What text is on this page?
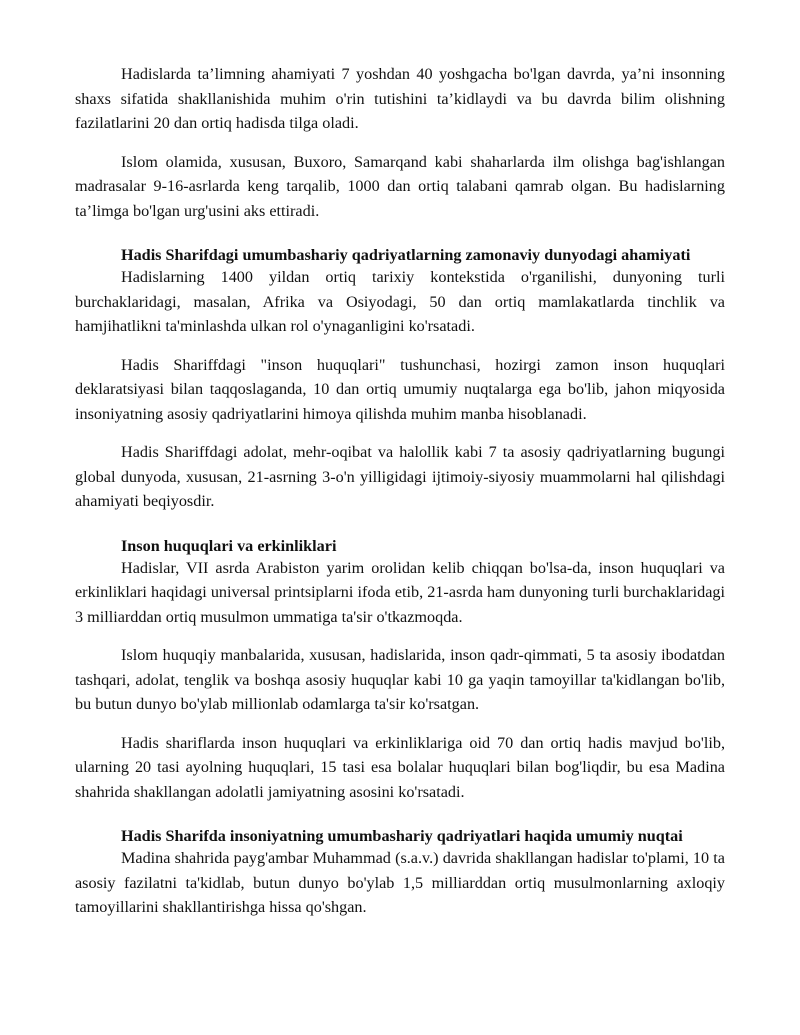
Hadislarda ta’limning ahamiyati 7 yoshdan 40 yoshgacha bo'lgan davrda, ya’ni insonning shaxs sifatida shakllanishida muhim o'rin tutishini ta’kidlaydi va bu davrda bilim olishning fazilatlarini 20 dan ortiq hadisda tilga oladi.

Islom olamida, xususan, Buxoro, Samarqand kabi shaharlarda ilm olishga bag'ishlangan madrasalar 9-16-asrlarda keng tarqalib, 1000 dan ortiq talabani qamrab olgan. Bu hadislarning ta’limga bo'lgan urg'usini aks ettiradi.

Hadis Sharifdagi umumbashariy qadriyatlarning zamonaviy dunyodagi ahamiyati

Hadislarning 1400 yildan ortiq tarixiy kontekstida o'rganilishi, dunyoning turli burchaklaridagi, masalan, Afrika va Osiyodagi, 50 dan ortiq mamlakatlarda tinchlik va hamjihatlikni ta'minlashda ulkan rol o'ynaganligini ko'rsatadi.

Hadis Shariffdagi "inson huquqlari" tushunchasi, hozirgi zamon inson huquqlari deklaratsiyasi bilan taqqoslaganda, 10 dan ortiq umumiy nuqtalarga ega bo'lib, jahon miqyosida insoniyatning asosiy qadriyatlarini himoya qilishda muhim manba hisoblanadi.

Hadis Shariffdagi adolat, mehr-oqibat va halollik kabi 7 ta asosiy qadriyatlarning bugungi global dunyoda, xususan, 21-asrning 3-o'n yilligidagi ijtimoiy-siyosiy muammolarni hal qilishdagi ahamiyati beqiyosdir.

Inson huquqlari va erkinliklari

Hadislar, VII asrda Arabiston yarim orolidan kelib chiqqan bo'lsa-da, inson huquqlari va erkinliklari haqidagi universal printsiplarni ifoda etib, 21-asrda ham dunyoning turli burchaklaridagi 3 milliarddan ortiq musulmon ummatiga ta'sir o'tkazmoqda.

Islom huquqiy manbalarida, xususan, hadislarida, inson qadr-qimmati, 5 ta asosiy ibodatdan tashqari, adolat, tenglik va boshqa asosiy huquqlar kabi 10 ga yaqin tamoyillar ta'kidlangan bo'lib, bu butun dunyo bo'ylab millionlab odamlarga ta'sir ko'rsatgan.

Hadis shariflarda inson huquqlari va erkinliklariga oid 70 dan ortiq hadis mavjud bo'lib, ularning 20 tasi ayolning huquqlari, 15 tasi esa bolalar huquqlari bilan bog'liqdir, bu esa Madina shahrida shakllangan adolatli jamiyatning asosini ko'rsatadi.

Hadis Sharifda insoniyatning umumbashariy qadriyatlari haqida umumiy nuqtai

Madina shahrida payg'ambar Muhammad (s.a.v.) davrida shakllangan hadislar to'plami, 10 ta asosiy fazilatni ta'kidlab, butun dunyo bo'ylab 1,5 milliarddan ortiq musulmonlarning axloqiy tamoyillarini shakllantirishga hissa qo'shgan.
